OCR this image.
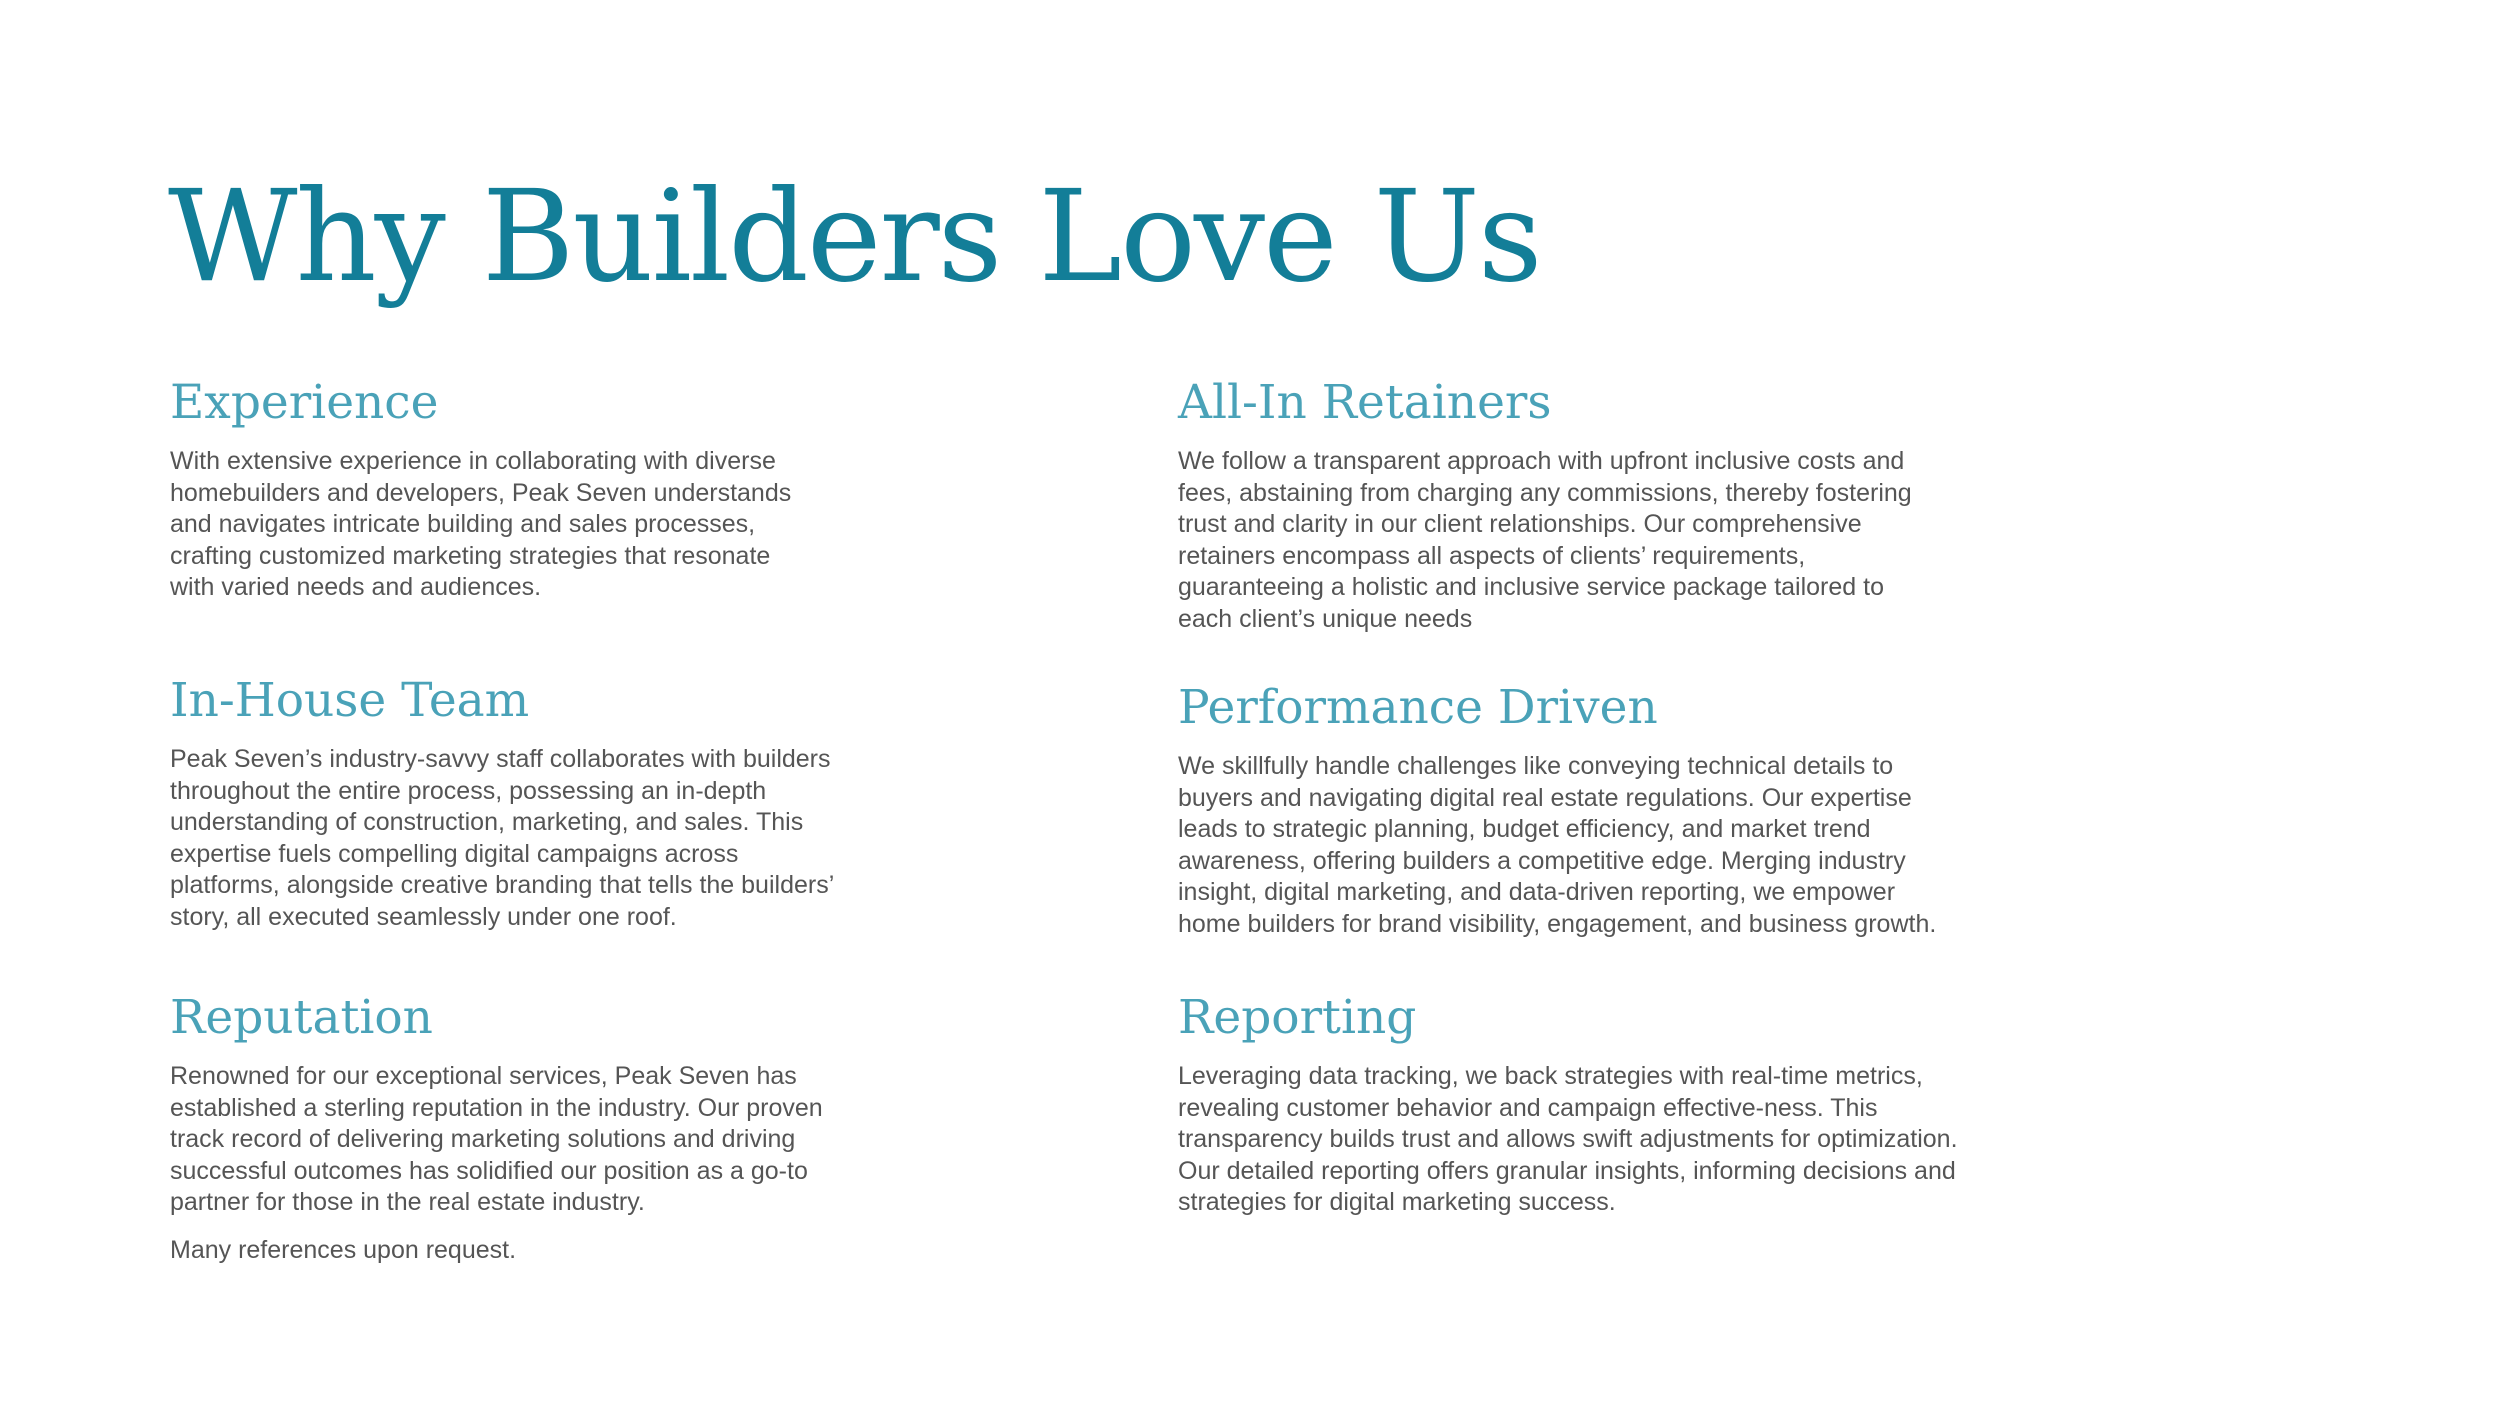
Why Builders Love Us
Experience
With extensive experience in collaborating with diverse
homebuilders and developers, Peak Seven understands
and navigates intricate building and sales processes,
crafting customized marketing strategies that resonate
with varied needs and audiences.
All-In Retainers
We follow a transparent approach with upfront inclusive costs and
fees, abstaining from charging any commissions, thereby fostering
trust and clarity in our client relationships. Our comprehensive
retainers encompass all aspects of clients’ requirements,
guaranteeing a holistic and inclusive service package tailored to
each client’s unique needs
In-House Team
Peak Seven’s industry-savvy staff collaborates with builders
throughout the entire process, possessing an in-depth
understanding of construction, marketing, and sales. This
expertise fuels compelling digital campaigns across
platforms, alongside creative branding that tells the builders’
story, all executed seamlessly under one roof.
Performance Driven
We skillfully handle challenges like conveying technical details to
buyers and navigating digital real estate regulations. Our expertise
leads to strategic planning, budget efficiency, and market trend
awareness, offering builders a competitive edge. Merging industry
insight, digital marketing, and data-driven reporting, we empower
home builders for brand visibility, engagement, and business growth.
Reputation
Renowned for our exceptional services, Peak Seven has
established a sterling reputation in the industry. Our proven
track record of delivering marketing solutions and driving
successful outcomes has solidified our position as a go-to
partner for those in the real estate industry.

Many references upon request.

Reporting
Leveraging data tracking, we back strategies with real-time metrics,
revealing customer behavior and campaign effective-ness. This
transparency builds trust and allows swift adjustments for optimization.
Our detailed reporting offers granular insights, informing decisions and
strategies for digital marketing success.
